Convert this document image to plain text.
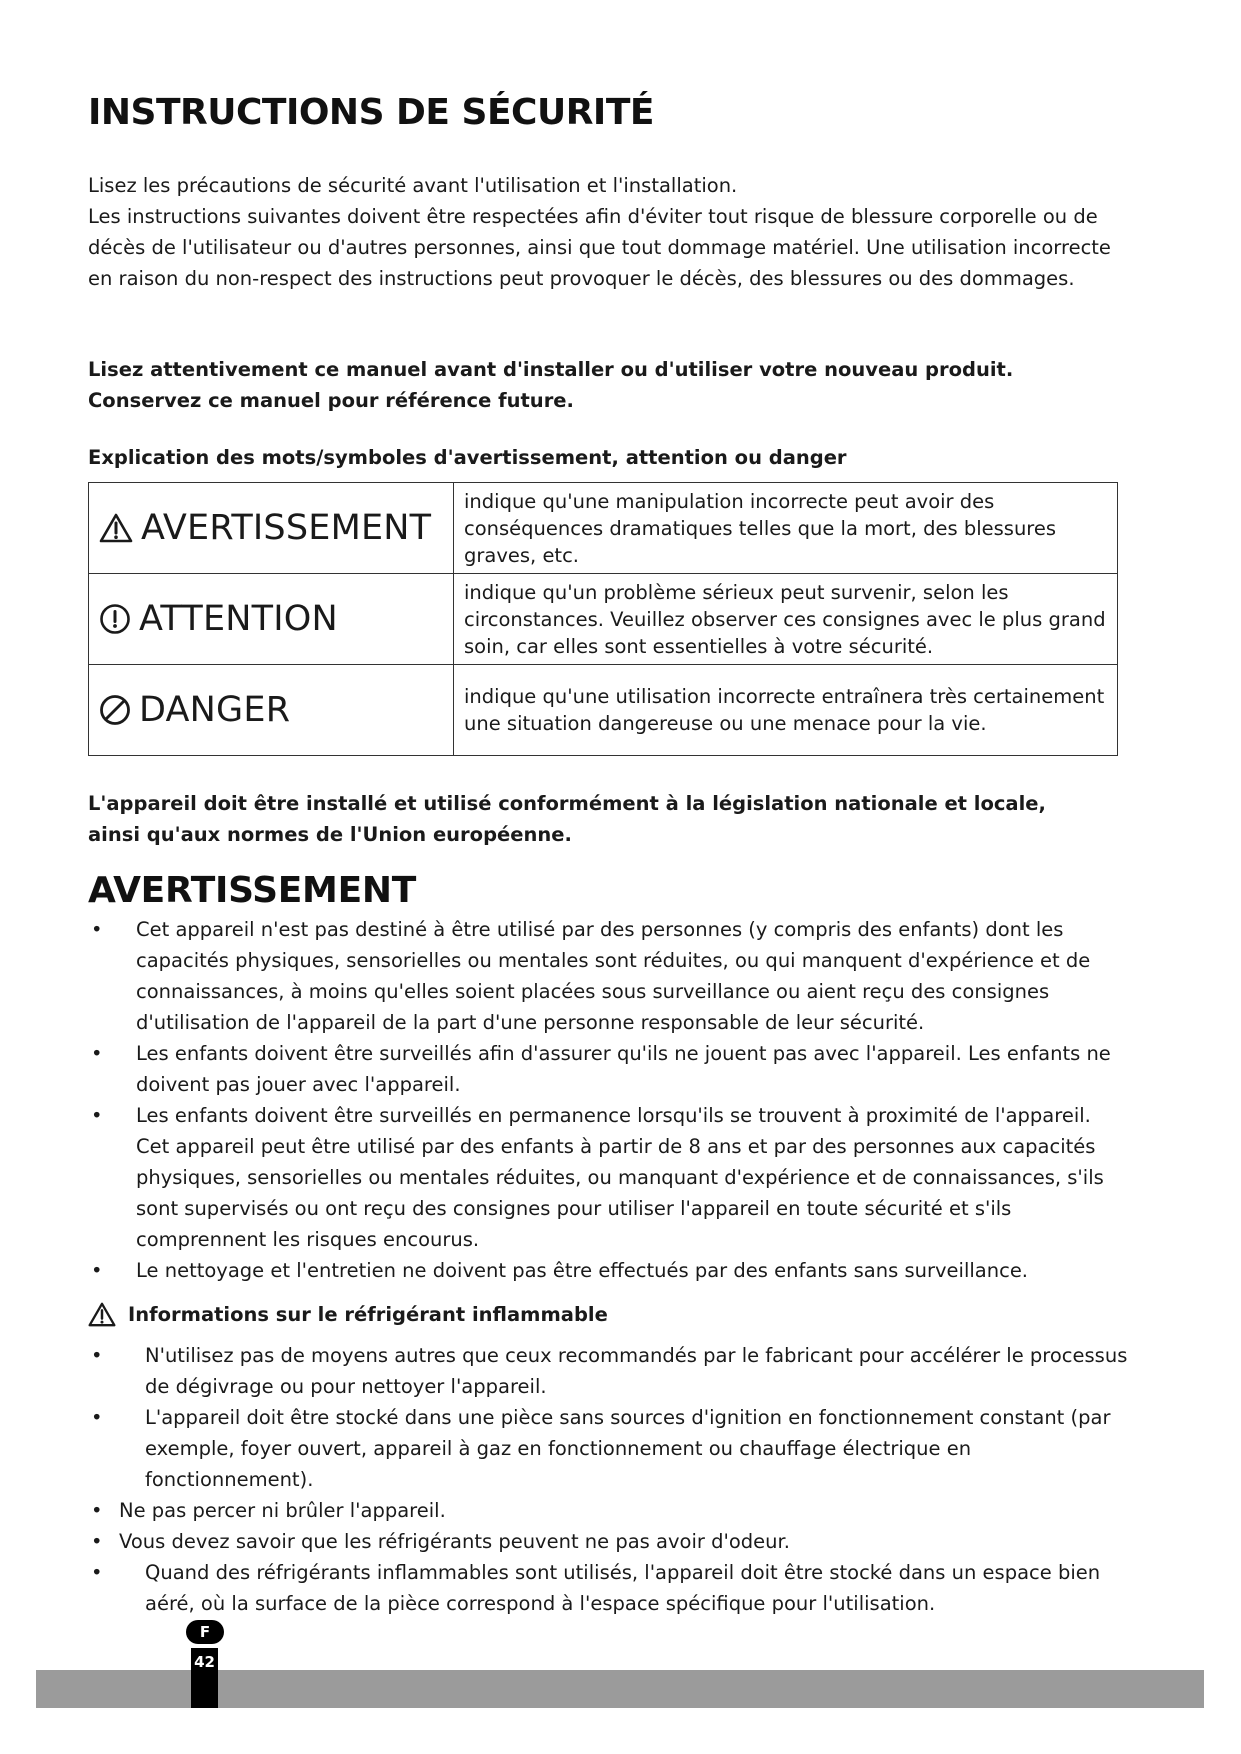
INSTRUCTIONS DE SÉCURITÉ

Lisez les précautions de sécurité avant l'utilisation et l'installation.

Les instructions suivantes doivent être respectées afin d'éviter tout risque de blessure corporelle ou de décès de l'utilisateur ou d'autres personnes, ainsi que tout dommage matériel. Une utilisation incorrecte en raison du non-respect des instructions peut provoquer le décès, des blessures ou des dommages.

Lisez attentivement ce manuel avant d'installer ou d'utiliser votre nouveau produit. Conservez ce manuel pour référence future.
Explication des mots/symboles d'avertissement, attention ou danger
AVERTISSEMENT	indique qu'une manipulation incorrecte peut avoir des conséquences dramatiques telles que la mort, des blessures graves, etc.

ATTENTION	indique qu'un problème sérieux peut survenir, selon les circonstances. Veuillez observer ces consignes avec le plus grand soin, car elles sont essentielles à votre sécurité.

DANGER	indique qu'une utilisation incorrecte entraînera très certainement une situation dangereuse ou une menace pour la vie.
L'appareil doit être installé et utilisé conformément à la législation nationale et locale, ainsi qu'aux normes de l'Union européenne.
AVERTISSEMENT
• Cet appareil n'est pas destiné à être utilisé par des personnes (y compris des enfants) dont les capacités physiques, sensorielles ou mentales sont réduites, ou qui manquent d'expérience et de connaissances, à moins qu'elles soient placées sous surveillance ou aient reçu des consignes d'utilisation de l'appareil de la part d'une personne responsable de leur sécurité.
• Les enfants doivent être surveillés afin d'assurer qu'ils ne jouent pas avec l'appareil. Les enfants ne doivent pas jouer avec l'appareil.
• Les enfants doivent être surveillés en permanence lorsqu'ils se trouvent à proximité de l'appareil. Cet appareil peut être utilisé par des enfants à partir de 8 ans et par des personnes aux capacités physiques, sensorielles ou mentales réduites, ou manquant d'expérience et de connaissances, s'ils sont supervisés ou ont reçu des consignes pour utiliser l'appareil en toute sécurité et s'ils comprennent les risques encourus.
• Le nettoyage et l'entretien ne doivent pas être effectués par des enfants sans surveillance.
Informations sur le réfrigérant inflammable
• N'utilisez pas de moyens autres que ceux recommandés par le fabricant pour accélérer le processus de dégivrage ou pour nettoyer l'appareil.
• L'appareil doit être stocké dans une pièce sans sources d'ignition en fonctionnement constant (par exemple, foyer ouvert, appareil à gaz en fonctionnement ou chauffage électrique en fonctionnement).
• Ne pas percer ni brûler l'appareil.
• Vous devez savoir que les réfrigérants peuvent ne pas avoir d'odeur.
• Quand des réfrigérants inflammables sont utilisés, l'appareil doit être stocké dans un espace bien aéré, où la surface de la pièce correspond à l'espace spécifique pour l'utilisation.
F
42
